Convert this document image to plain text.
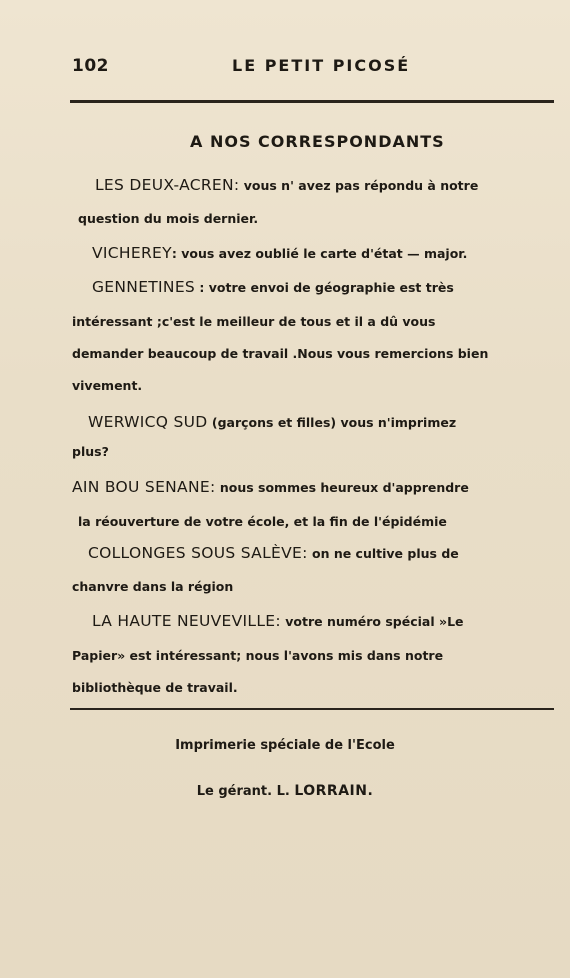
102	LE PETIT PICOSÉ
A NOS CORRESPONDANTS
LES DEUX-ACREN: vous n' avez pas répondu à notre
question du mois dernier.
VICHEREY: vous avez oublié le carte d'état — major.
GENNETINES : votre envoi de géographie est très
intéressant ;c'est le meilleur de tous et il a dû vous
demander beaucoup de travail .Nous vous remercions bien
vivement.
WERWICQ SUD (garçons et filles) vous n'imprimez
plus?
AIN BOU SENANE: nous sommes heureux d'apprendre
la réouverture de votre école, et la fin de l'épidémie
COLLONGES SOUS SALÈVE: on ne cultive plus de
chanvre dans la région
LA HAUTE NEUVEVILLE: votre numéro spécial »Le
Papier» est intéressant; nous l'avons mis dans notre
bibliothèque de travail.
Imprimerie spéciale de l'Ecole
Le gérant. L. LORRAIN.
